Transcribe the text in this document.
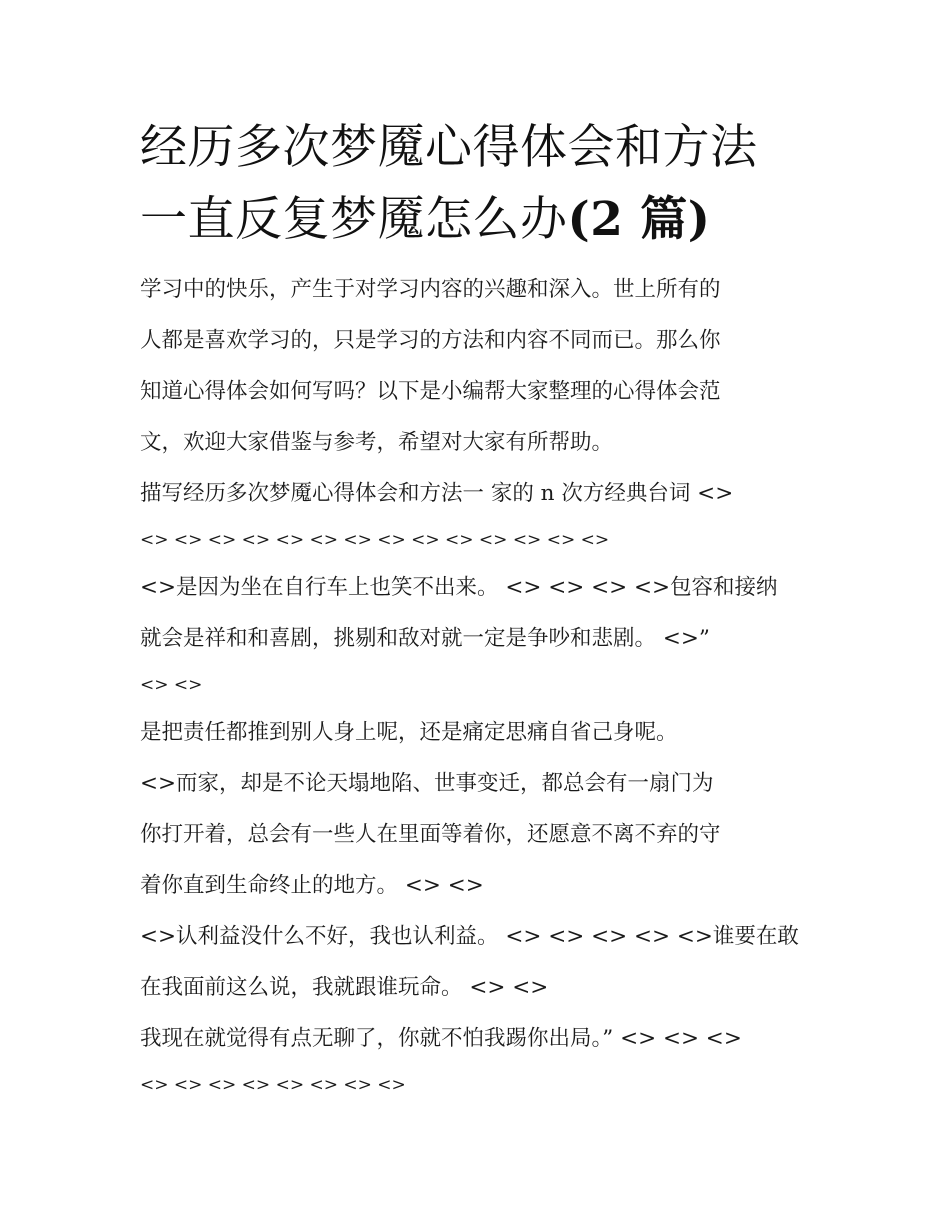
经历多次梦魇心得体会和方法
一直反复梦魇怎么办(2 篇)
学习中的快乐，产生于对学习内容的兴趣和深入。世上所有的
人都是喜欢学习的，只是学习的方法和内容不同而已。那么你
知道心得体会如何写吗？以下是小编帮大家整理的心得体会范
文，欢迎大家借鉴与参考，希望对大家有所帮助。
描写经历多次梦魇心得体会和方法一 家的 n 次方经典台词 <>
<> <> <> <> <> <> <> <> <> <> <> <> <> <>
<>是因为坐在自行车上也笑不出来。 <> <> <> <>包容和接纳
就会是祥和和喜剧，挑剔和敌对就一定是争吵和悲剧。 <>”
<> <>
是把责任都推到别人身上呢，还是痛定思痛自省己身呢。
<>而家，却是不论天塌地陷、世事变迁，都总会有一扇门为
你打开着，总会有一些人在里面等着你，还愿意不离不弃的守
着你直到生命终止的地方。 <> <>
<>认利益没什么不好，我也认利益。 <> <> <> <> <>谁要在敢
在我面前这么说，我就跟谁玩命。 <> <>
我现在就觉得有点无聊了，你就不怕我踢你出局。” <> <> <>
<> <> <> <> <> <> <> <>
